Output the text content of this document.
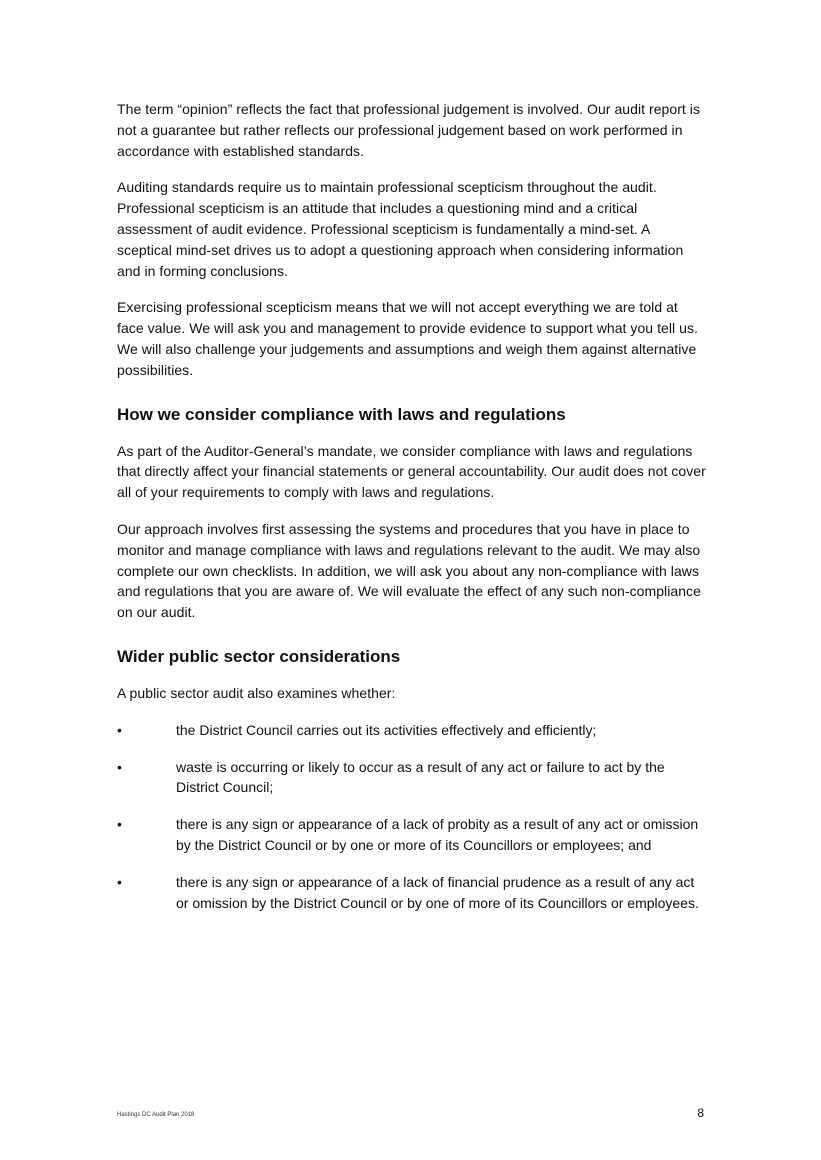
The term “opinion” reflects the fact that professional judgement is involved. Our audit report is not a guarantee but rather reflects our professional judgement based on work performed in accordance with established standards.

Auditing standards require us to maintain professional scepticism throughout the audit. Professional scepticism is an attitude that includes a questioning mind and a critical assessment of audit evidence. Professional scepticism is fundamentally a mind-set. A sceptical mind-set drives us to adopt a questioning approach when considering information and in forming conclusions.

Exercising professional scepticism means that we will not accept everything we are told at face value. We will ask you and management to provide evidence to support what you tell us. We will also challenge your judgements and assumptions and weigh them against alternative possibilities.

How we consider compliance with laws and regulations

As part of the Auditor-General’s mandate, we consider compliance with laws and regulations that directly affect your financial statements or general accountability. Our audit does not cover all of your requirements to comply with laws and regulations.

Our approach involves first assessing the systems and procedures that you have in place to monitor and manage compliance with laws and regulations relevant to the audit. We may also complete our own checklists. In addition, we will ask you about any non-compliance with laws and regulations that you are aware of. We will evaluate the effect of any such non-compliance on our audit.

Wider public sector considerations

A public sector audit also examines whether:

•	the District Council carries out its activities effectively and efficiently;
•	waste is occurring or likely to occur as a result of any act or failure to act by the District Council;
•	there is any sign or appearance of a lack of probity as a result of any act or omission by the District Council or by one or more of its Councillors or employees; and
•	there is any sign or appearance of a lack of financial prudence as a result of any act or omission by the District Council or by one of more of its Councillors or employees.
Hastings DC Audit Plan 2018	8
